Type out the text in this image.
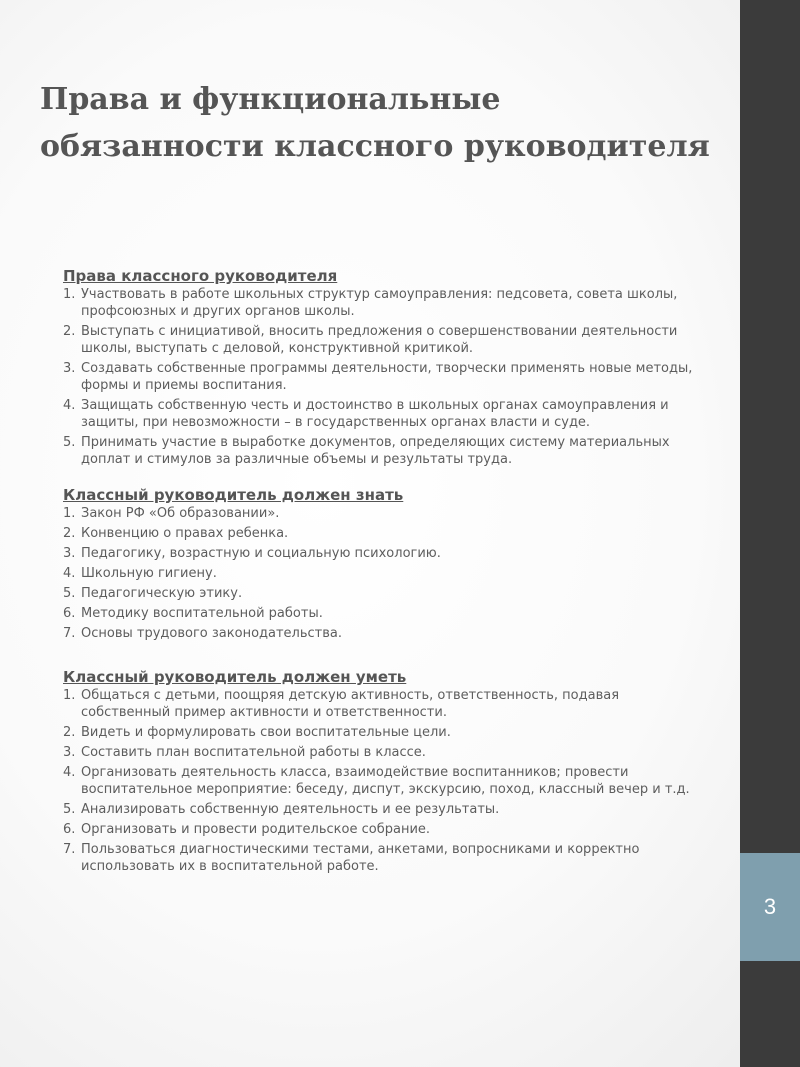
Права и функциональные обязанности классного руководителя
Права классного руководителя
1. Участвовать в работе школьных структур самоуправления: педсовета, совета школы, профсоюзных и других органов школы.
2. Выступать с инициативой, вносить предложения о совершенствовании деятельности школы, выступать с деловой, конструктивной критикой.
3. Создавать собственные программы деятельности, творчески применять новые методы, формы и приемы воспитания.
4. Защищать собственную честь и достоинство в школьных органах самоуправления и защиты, при невозможности – в государственных органах власти и суде.
5. Принимать участие в выработке документов, определяющих систему материальных доплат и стимулов за различные объемы и результаты труда.
Классный руководитель должен знать
1. Закон РФ «Об образовании».
2. Конвенцию о правах ребенка.
3. Педагогику, возрастную и социальную психологию.
4. Школьную гигиену.
5. Педагогическую этику.
6. Методику воспитательной работы.
7. Основы трудового законодательства.
Классный руководитель должен уметь
1. Общаться с детьми, поощряя детскую активность, ответственность, подавая собственный пример активности и ответственности.
2. Видеть и формулировать свои воспитательные цели.
3. Составить план воспитательной работы в классе.
4. Организовать деятельность класса, взаимодействие воспитанников; провести воспитательное мероприятие: беседу, диспут, экскурсию, поход, классный вечер и т.д.
5. Анализировать собственную деятельность и ее результаты.
6. Организовать и провести родительское собрание.
7. Пользоваться диагностическими тестами, анкетами, вопросниками и корректно использовать их в воспитательной работе.
3
